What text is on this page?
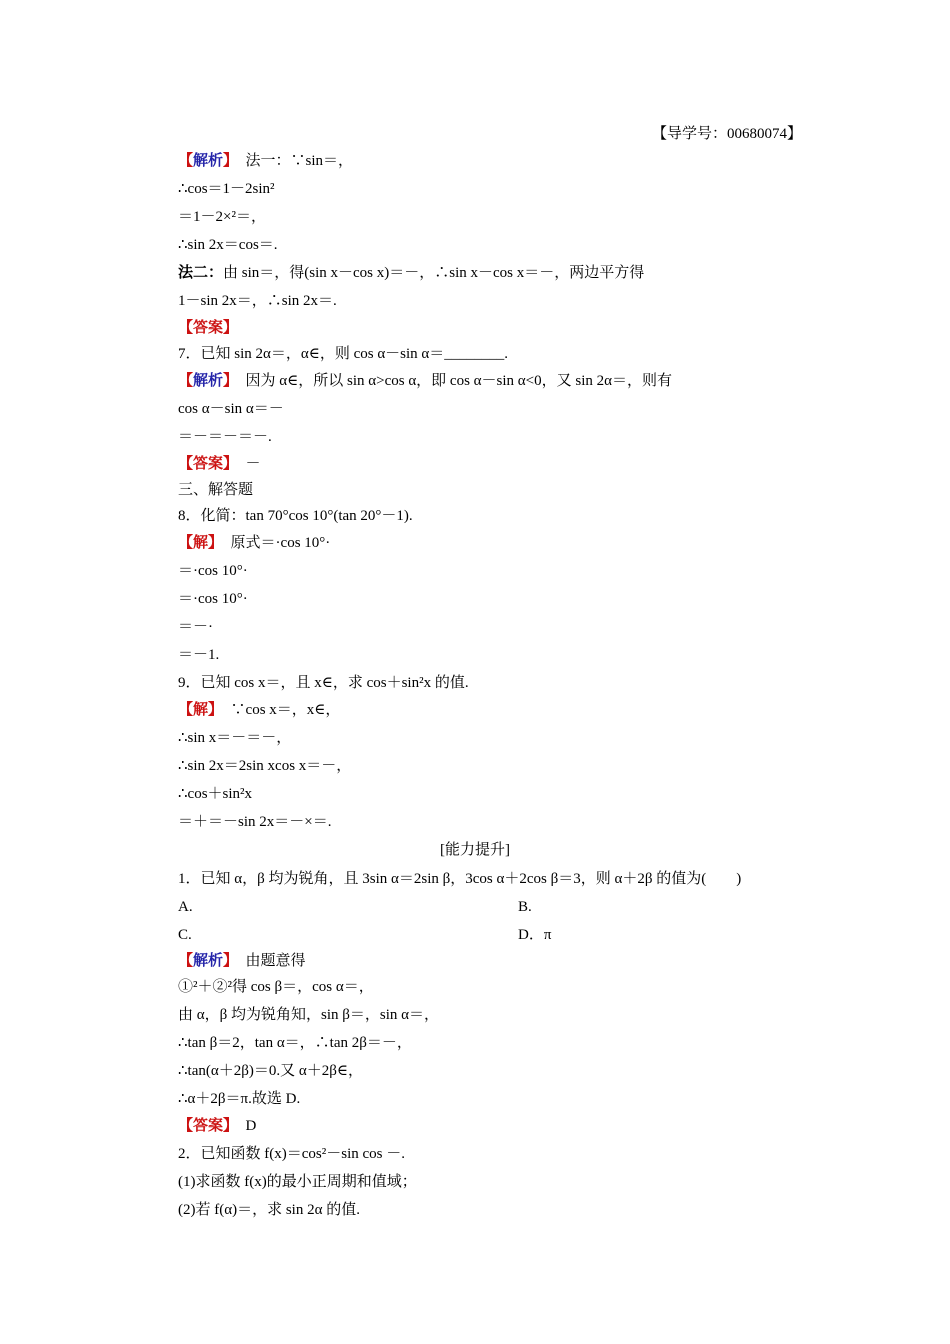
【导学号：00680074】
【解析】　法一：∵sin＝，
∴cos＝1－2sin²
＝1－2×²＝，
∴sin 2x＝cos＝.
法二：由 sin＝，得(sin x－cos x)＝－，∴sin x－cos x＝－，两边平方得
1－sin 2x＝，∴sin 2x＝.
【答案】
7．已知 sin 2α＝，α∈，则 cos α－sin α＝________.
【解析】　因为 α∈，所以 sin α>cos α，即 cos α－sin α<0，又 sin 2α＝，则有
cos α－sin α＝－
＝－＝－＝－.
【答案】　－
三、解答题
8．化简：tan 70°cos 10°(tan 20°－1).
【解】　原式＝·cos 10°·
＝·cos 10°·
＝·cos 10°·
＝－·
＝－1.
9．已知 cos x＝，且 x∈，求 cos＋sin²x 的值.
【解】　∵cos x＝，x∈，
∴sin x＝－＝－，
∴sin 2x＝2sin xcos x＝－，
∴cos＋sin²x
＝＋＝－sin 2x＝－×＝.
[能力提升]
1．已知 α，β 均为锐角，且 3sin α＝2sin β，3cos α＋2cos β＝3，则 α＋2β 的值为(　　)
A.	B.
C.	D．π
【解析】　由题意得
①²＋②²得 cos β＝，cos α＝，
由 α，β 均为锐角知，sin β＝，sin α＝，
∴tan β＝2，tan α＝，∴tan 2β＝－，
∴tan(α＋2β)＝0.又 α＋2β∈，
∴α＋2β＝π.故选 D.
【答案】　D
2．已知函数 f(x)＝cos²－sin cos －.
(1)求函数 f(x)的最小正周期和值域；
(2)若 f(α)＝，求 sin 2α 的值.
